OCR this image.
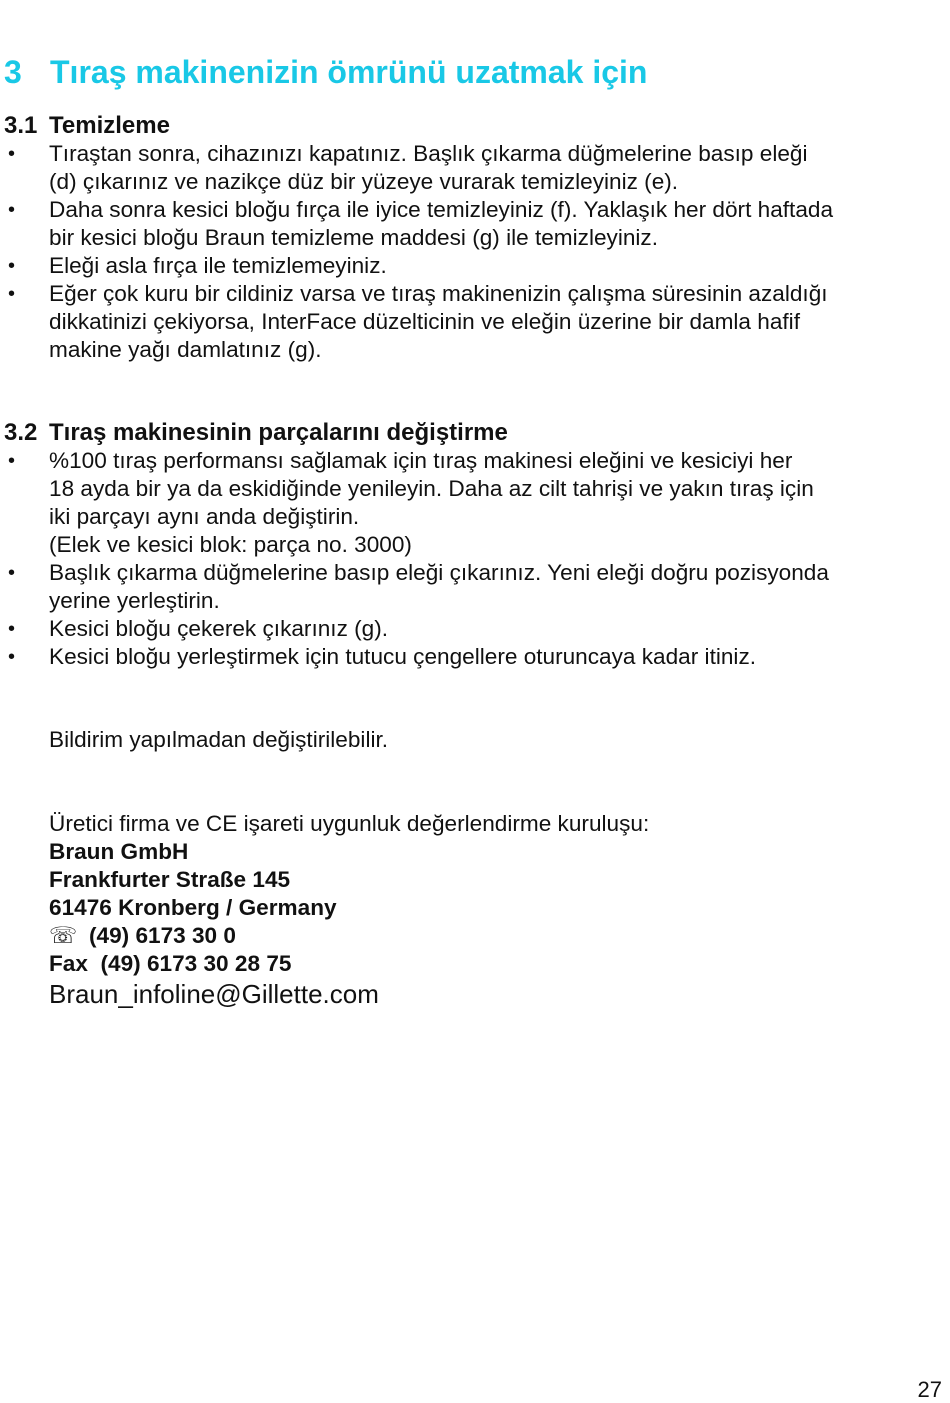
3 Tıraş makinenizin ömrünü uzatmak için
3.1 Temizleme
• Tıraştan sonra, cihazınızı kapatınız. Başlık çıkarma düğmelerine basıp eleği
(d) çıkarınız ve nazikçe düz bir yüzeye vurarak temizleyiniz (e).
• Daha sonra kesici bloğu fırça ile iyice temizleyiniz (f). Yaklaşık her dört haftada
bir kesici bloğu Braun temizleme maddesi (g) ile temizleyiniz.
• Eleği asla fırça ile temizlemeyiniz.
• Eğer çok kuru bir cildiniz varsa ve tıraş makinenizin çalışma süresinin azaldığı
dikkatinizi çekiyorsa, InterFace düzelticinin ve eleğin üzerine bir damla hafif
makine yağı damlatınız (g).
3.2 Tıraş makinesinin parçalarını değiştirme
• %100 tıraş performansı sağlamak için tıraş makinesi eleğini ve kesiciyi her
18 ayda bir ya da eskidiğinde yenileyin. Daha az cilt tahrişi ve yakın tıraş için
iki parçayı aynı anda değiştirin.
(Elek ve kesici blok: parça no. 3000)
• Başlık çıkarma düğmelerine basıp eleği çıkarınız. Yeni eleği doğru pozisyonda
yerine yerleştirin.
• Kesici bloğu çekerek çıkarınız (g).
• Kesici bloğu yerleştirmek için tutucu çengellere oturuncaya kadar itiniz.

Bildirim yapılmadan değiştirilebilir.

Üretici firma ve CE işareti uygunluk değerlendirme kuruluşu:
Braun GmbH
Frankfurter Straße 145
61476 Kronberg / Germany
☏ (49) 6173 30 0
Fax (49) 6173 30 28 75
Braun_infoline@Gillette.com
27
